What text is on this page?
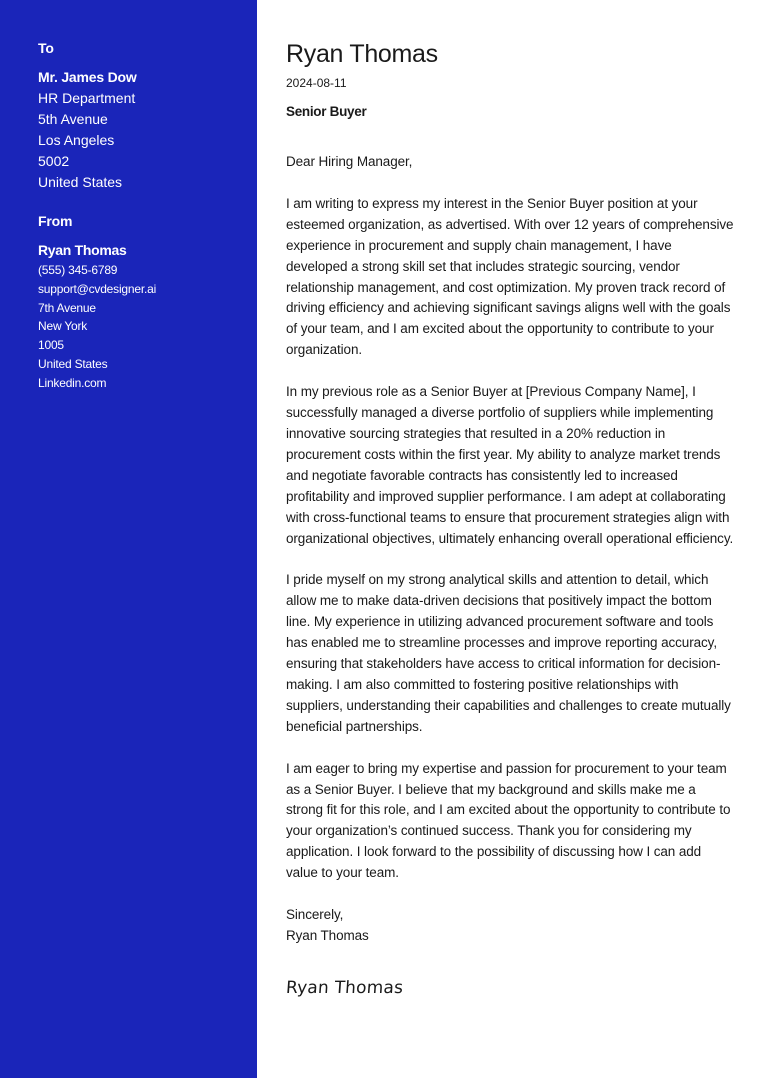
To
Mr. James Dow
HR Department
5th Avenue
Los Angeles
5002
United States
From
Ryan Thomas
(555) 345-6789
support@cvdesigner.ai
7th Avenue
New York
1005
United States
Linkedin.com
Ryan Thomas
2024-08-11
Senior Buyer

Dear Hiring Manager,

I am writing to express my interest in the Senior Buyer position at your esteemed organization, as advertised. With over 12 years of comprehensive experience in procurement and supply chain management, I have developed a strong skill set that includes strategic sourcing, vendor relationship management, and cost optimization. My proven track record of driving efficiency and achieving significant savings aligns well with the goals of your team, and I am excited about the opportunity to contribute to your organization.

In my previous role as a Senior Buyer at [Previous Company Name], I successfully managed a diverse portfolio of suppliers while implementing innovative sourcing strategies that resulted in a 20% reduction in procurement costs within the first year. My ability to analyze market trends and negotiate favorable contracts has consistently led to increased profitability and improved supplier performance. I am adept at collaborating with cross-functional teams to ensure that procurement strategies align with organizational objectives, ultimately enhancing overall operational efficiency.

I pride myself on my strong analytical skills and attention to detail, which allow me to make data-driven decisions that positively impact the bottom line. My experience in utilizing advanced procurement software and tools has enabled me to streamline processes and improve reporting accuracy, ensuring that stakeholders have access to critical information for decision-making. I am also committed to fostering positive relationships with suppliers, understanding their capabilities and challenges to create mutually beneficial partnerships.

I am eager to bring my expertise and passion for procurement to your team as a Senior Buyer. I believe that my background and skills make me a strong fit for this role, and I am excited about the opportunity to contribute to your organization’s continued success. Thank you for considering my application. I look forward to the possibility of discussing how I can add value to your team.

Sincerely,
Ryan Thomas

Ryan Thomas
